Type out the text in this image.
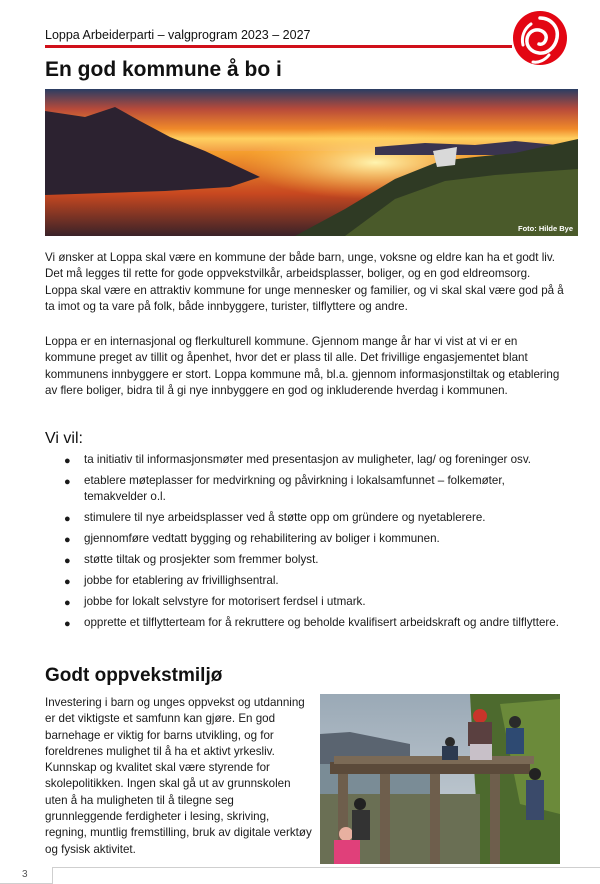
Loppa Arbeiderparti – valgprogram 2023 – 2027
En god kommune å bo i
Foto: Hilde Bye

Vi ønsker at Loppa skal være en kommune der både barn, unge, voksne og eldre kan ha et godt liv. Det må legges til rette for gode oppvekstvilkår, arbeidsplasser, boliger, og en god eldreomsorg. Loppa skal være en attraktiv kommune for unge mennesker og familier, og vi skal skal være god på å ta imot og ta vare på folk, både innbyggere, turister, tilflyttere og andre.

Loppa er en internasjonal og flerkulturell kommune. Gjennom mange år har vi vist at vi er en kommune preget av tillit og åpenhet, hvor det er plass til alle. Det frivillige engasjementet blant kommunens innbyggere er stort. Loppa kommune må, bl.a. gjennom informasjonstiltak og etablering av flere boliger, bidra til å gi nye innbyggere en god og inkluderende hverdag i kommunen.

Vi vil:
● ta initiativ til informasjonsmøter med presentasjon av muligheter, lag/ og foreninger osv.
● etablere møteplasser for medvirkning og påvirkning i lokalsamfunnet – folkemøter, temakvelder o.l.
● stimulere til nye arbeidsplasser ved å støtte opp om gründere og nyetablerere.
● gjennomføre vedtatt bygging og rehabilitering av boliger i kommunen.
● støtte tiltak og prosjekter som fremmer bolyst.
● jobbe for etablering av frivillighsentral.
● jobbe for lokalt selvstyre for motorisert ferdsel i utmark.
● opprette et tilflytterteam for å rekruttere og beholde kvalifisert arbeidskraft og andre tilflyttere.
Godt oppvekstmiljø

Investering i barn og unges oppvekst og utdanning er det viktigste et samfunn kan gjøre. En god barnehage er viktig for barns utvikling, og for foreldrenes mulighet til å ha et aktivt yrkesliv. Kunnskap og kvalitet skal være styrende for skolepolitikken. Ingen skal gå ut av grunnskolen uten å ha muligheten til å tilegne seg grunnleggende ferdigheter i lesing, skriving, regning, muntlig fremstilling, bruk av digitale verktøy og fysisk aktivitet.

3
